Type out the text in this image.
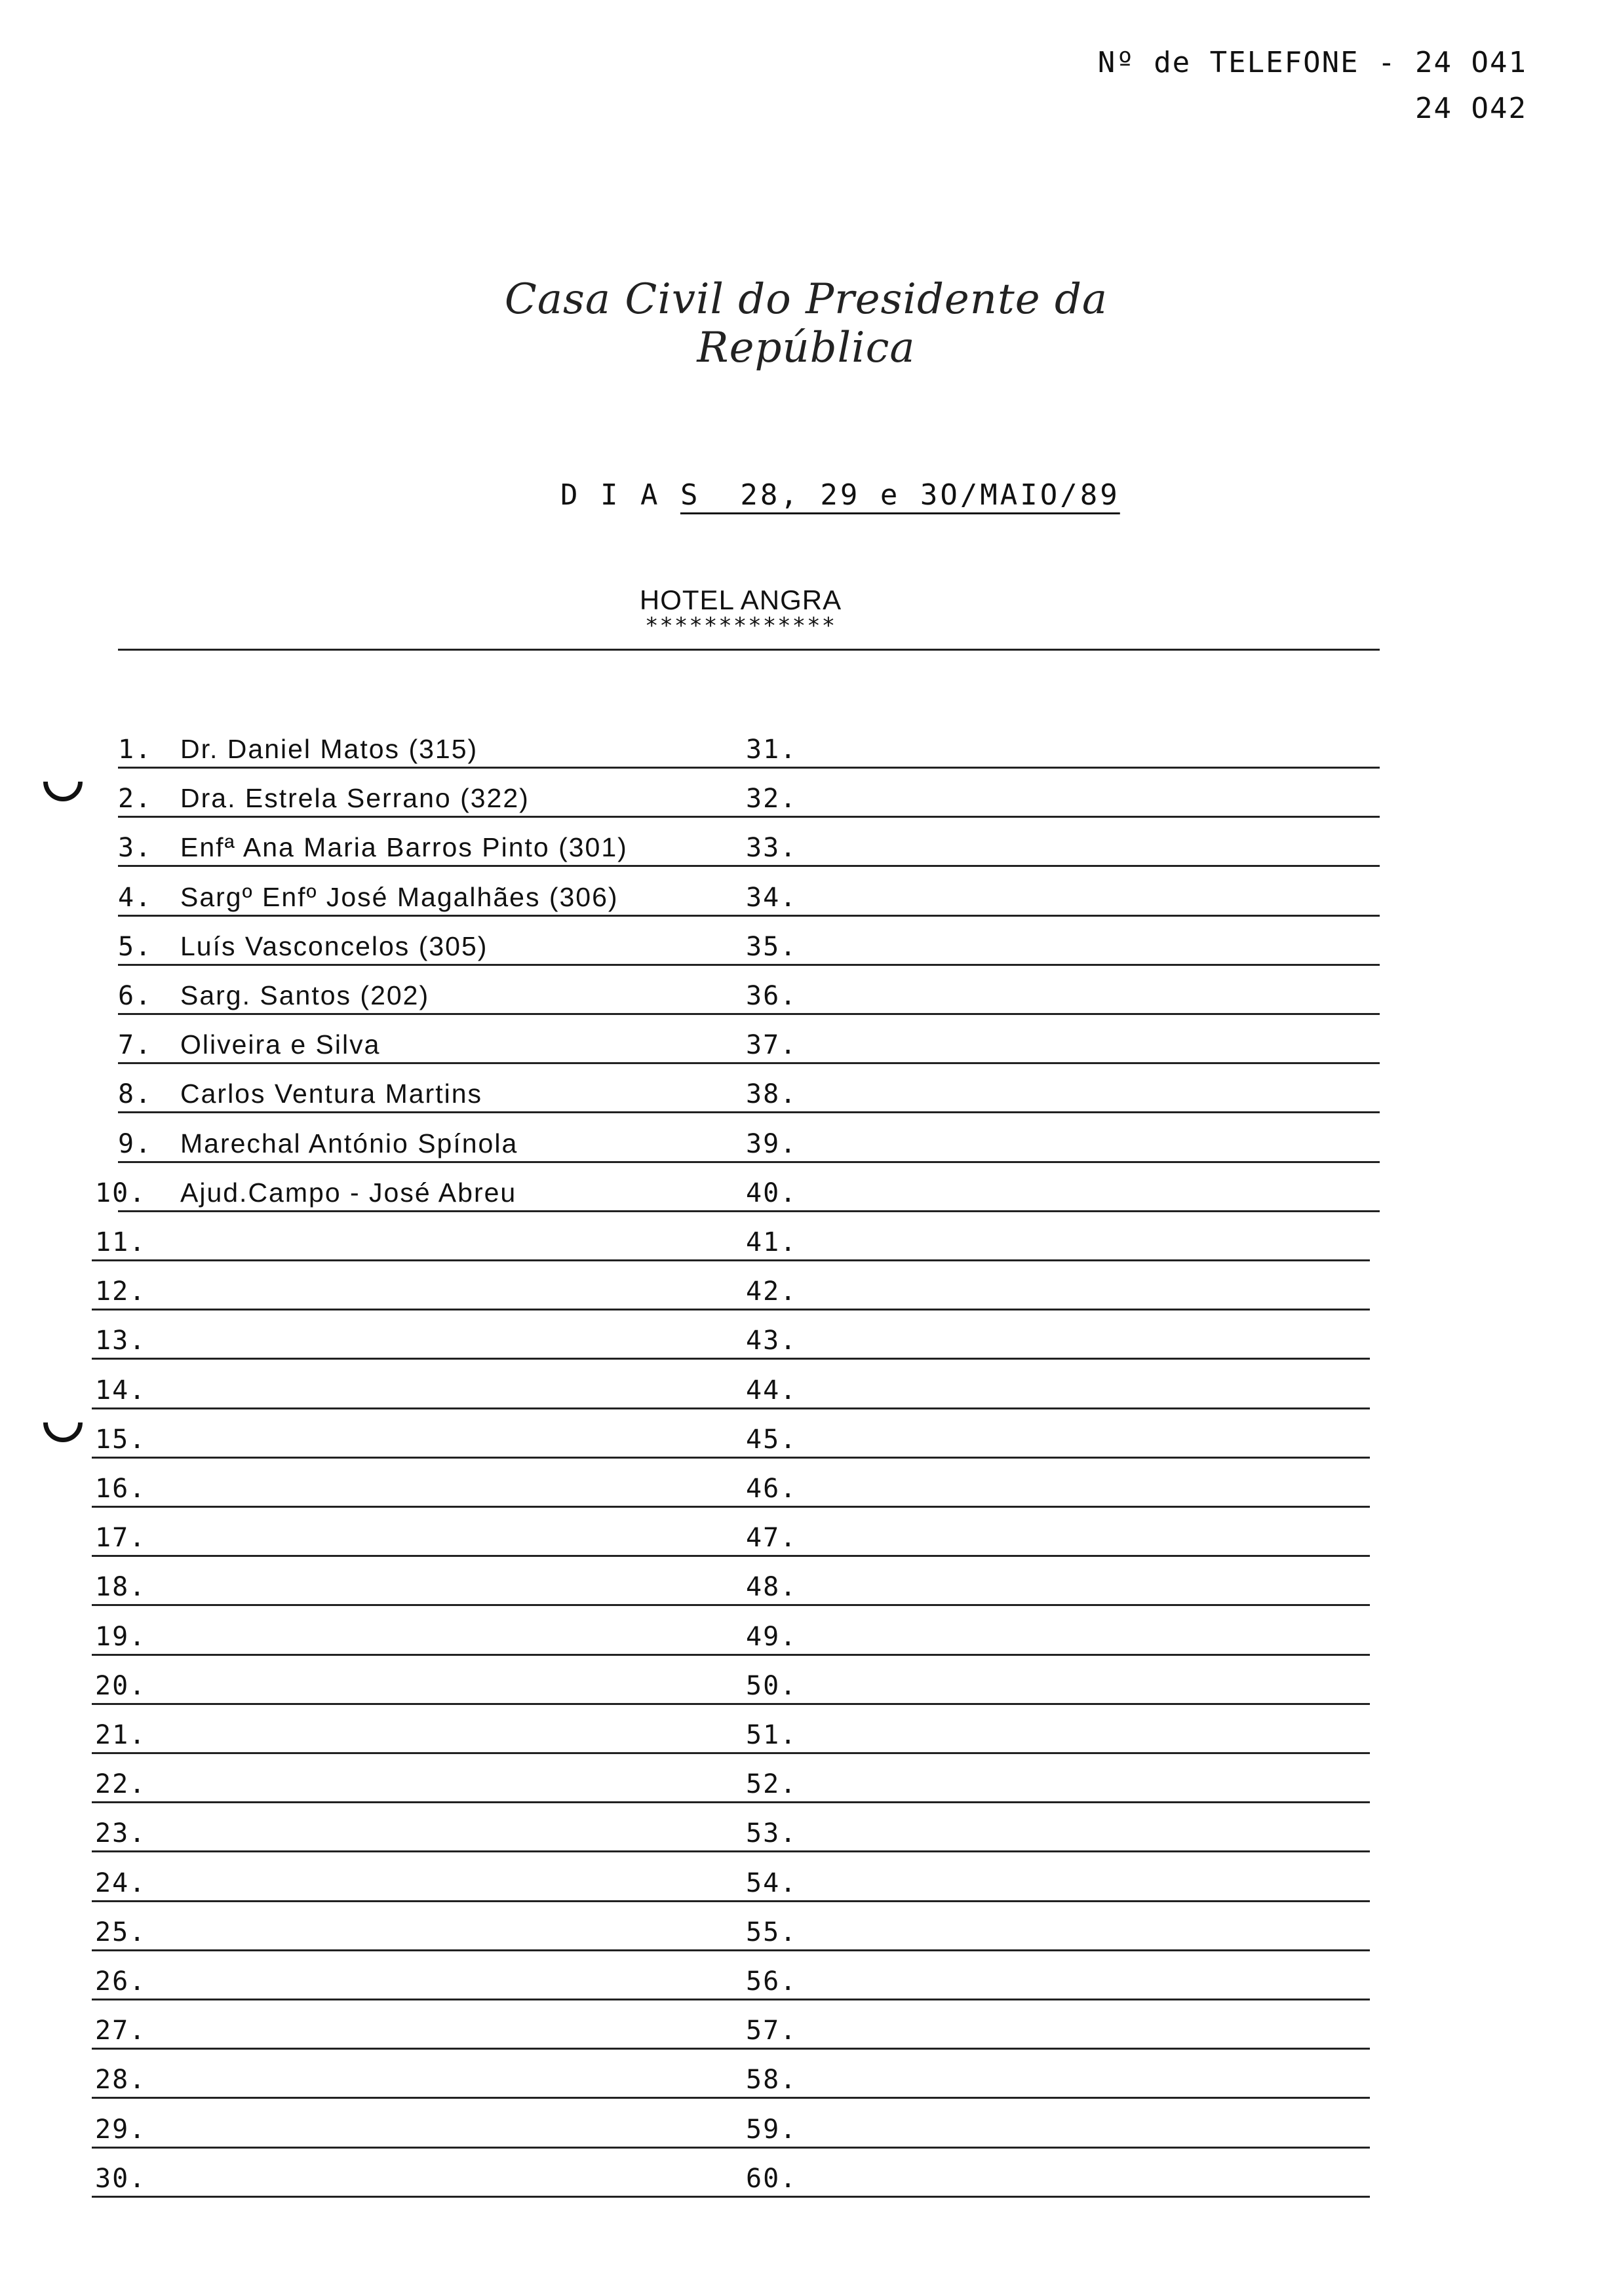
Nº de TELEFONE - 24 O41

24 O42

Casa Civil do Presidente da República
D I A S  28, 29 e 3O/MAIO/89
HOTEL ANGRA
*************
1. Dr. Daniel Matos (315)	31.
2. Dra. Estrela Serrano (322)	32.
3. Enfª Ana Maria Barros Pinto (301)	33.
4. Sargº Enfº José Magalhães (306)	34.
5. Luís Vasconcelos (305)	35.
6. Sarg. Santos (202)	36.
7. Oliveira e Silva	37.
8. Carlos Ventura Martins	38.
9. Marechal António Spínola	39.
10. Ajud.Campo - José Abreu	40.
11.	41.
12.	42.
13.	43.
14.	44.
15.	45.
16.	46.
17.	47.
18.	48.
19.	49.
20.	50.
21.	51.
22.	52.
23.	53.
24.	54.
25.	55.
26.	56.
27.	57.
28.	58.
29.	59.
30.	60.
